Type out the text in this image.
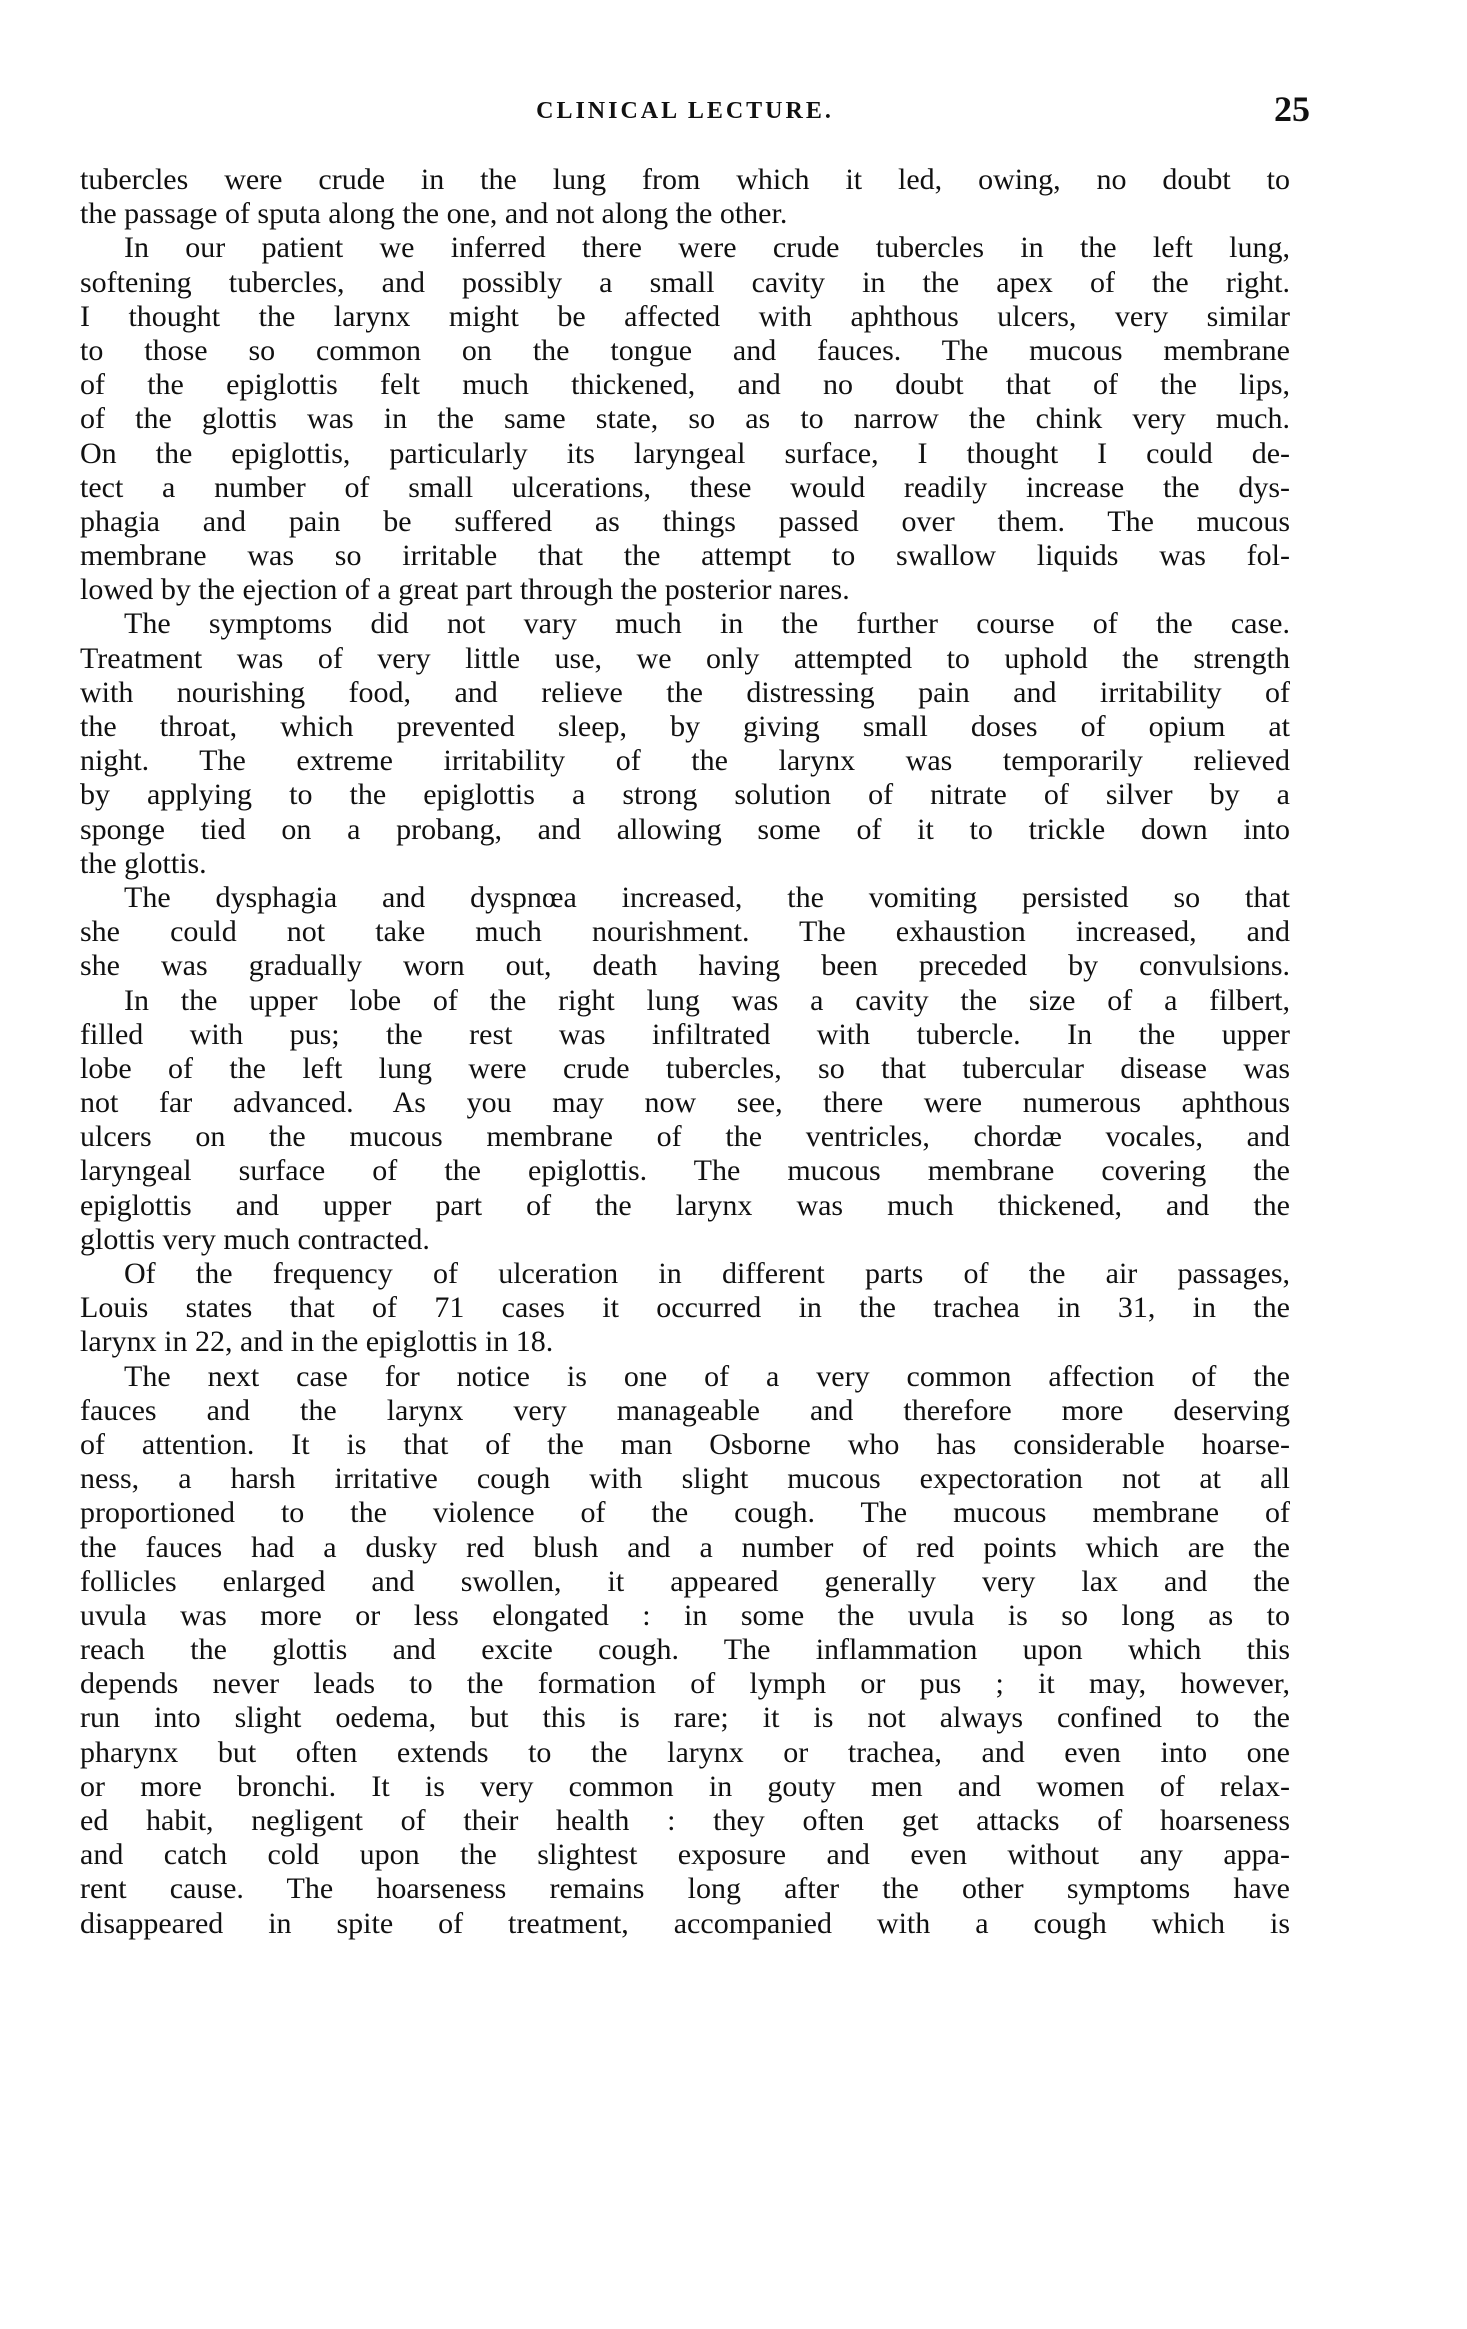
CLINICAL LECTURE.	25
tubercles were crude in the lung from which it led, owing, no doubt to
the passage of sputa along the one, and not along the other.
In our patient we inferred there were crude tubercles in the left lung,
softening tubercles, and possibly a small cavity in the apex of the right.
I thought the larynx might be affected with aphthous ulcers, very similar
to those so common on the tongue and fauces. The mucous membrane
of the epiglottis felt much thickened, and no doubt that of the lips,
of the glottis was in the same state, so as to narrow the chink very much.
On the epiglottis, particularly its laryngeal surface, I thought I could de-
tect a number of small ulcerations, these would readily increase the dys-
phagia and pain be suffered as things passed over them. The mucous
membrane was so irritable that the attempt to swallow liquids was fol-
lowed by the ejection of a great part through the posterior nares.
The symptoms did not vary much in the further course of the case.
Treatment was of very little use, we only attempted to uphold the strength
with nourishing food, and relieve the distressing pain and irritability of
the throat, which prevented sleep, by giving small doses of opium at
night. The extreme irritability of the larynx was temporarily relieved
by applying to the epiglottis a strong solution of nitrate of silver by a
sponge tied on a probang, and allowing some of it to trickle down into
the glottis.
The dysphagia and dyspnœa increased, the vomiting persisted so that
she could not take much nourishment. The exhaustion increased, and
she was gradually worn out, death having been preceded by convulsions.
In the upper lobe of the right lung was a cavity the size of a filbert,
filled with pus; the rest was infiltrated with tubercle. In the upper
lobe of the left lung were crude tubercles, so that tubercular disease was
not far advanced. As you may now see, there were numerous aphthous
ulcers on the mucous membrane of the ventricles, chordæ vocales, and
laryngeal surface of the epiglottis. The mucous membrane covering the
epiglottis and upper part of the larynx was much thickened, and the
glottis very much contracted.
Of the frequency of ulceration in different parts of the air passages,
Louis states that of 71 cases it occurred in the trachea in 31, in the
larynx in 22, and in the epiglottis in 18.
The next case for notice is one of a very common affection of the
fauces and the larynx very manageable and therefore more deserving
of attention. It is that of the man Osborne who has considerable hoarse-
ness, a harsh irritative cough with slight mucous expectoration not at all
proportioned to the violence of the cough. The mucous membrane of
the fauces had a dusky red blush and a number of red points which are the
follicles enlarged and swollen, it appeared generally very lax and the
uvula was more or less elongated : in some the uvula is so long as to
reach the glottis and excite cough. The inflammation upon which this
depends never leads to the formation of lymph or pus ; it may, however,
run into slight oedema, but this is rare; it is not always confined to the
pharynx but often extends to the larynx or trachea, and even into one
or more bronchi. It is very common in gouty men and women of relax-
ed habit, negligent of their health : they often get attacks of hoarseness
and catch cold upon the slightest exposure and even without any appa-
rent cause. The hoarseness remains long after the other symptoms have
disappeared in spite of treatment, accompanied with a cough which is
